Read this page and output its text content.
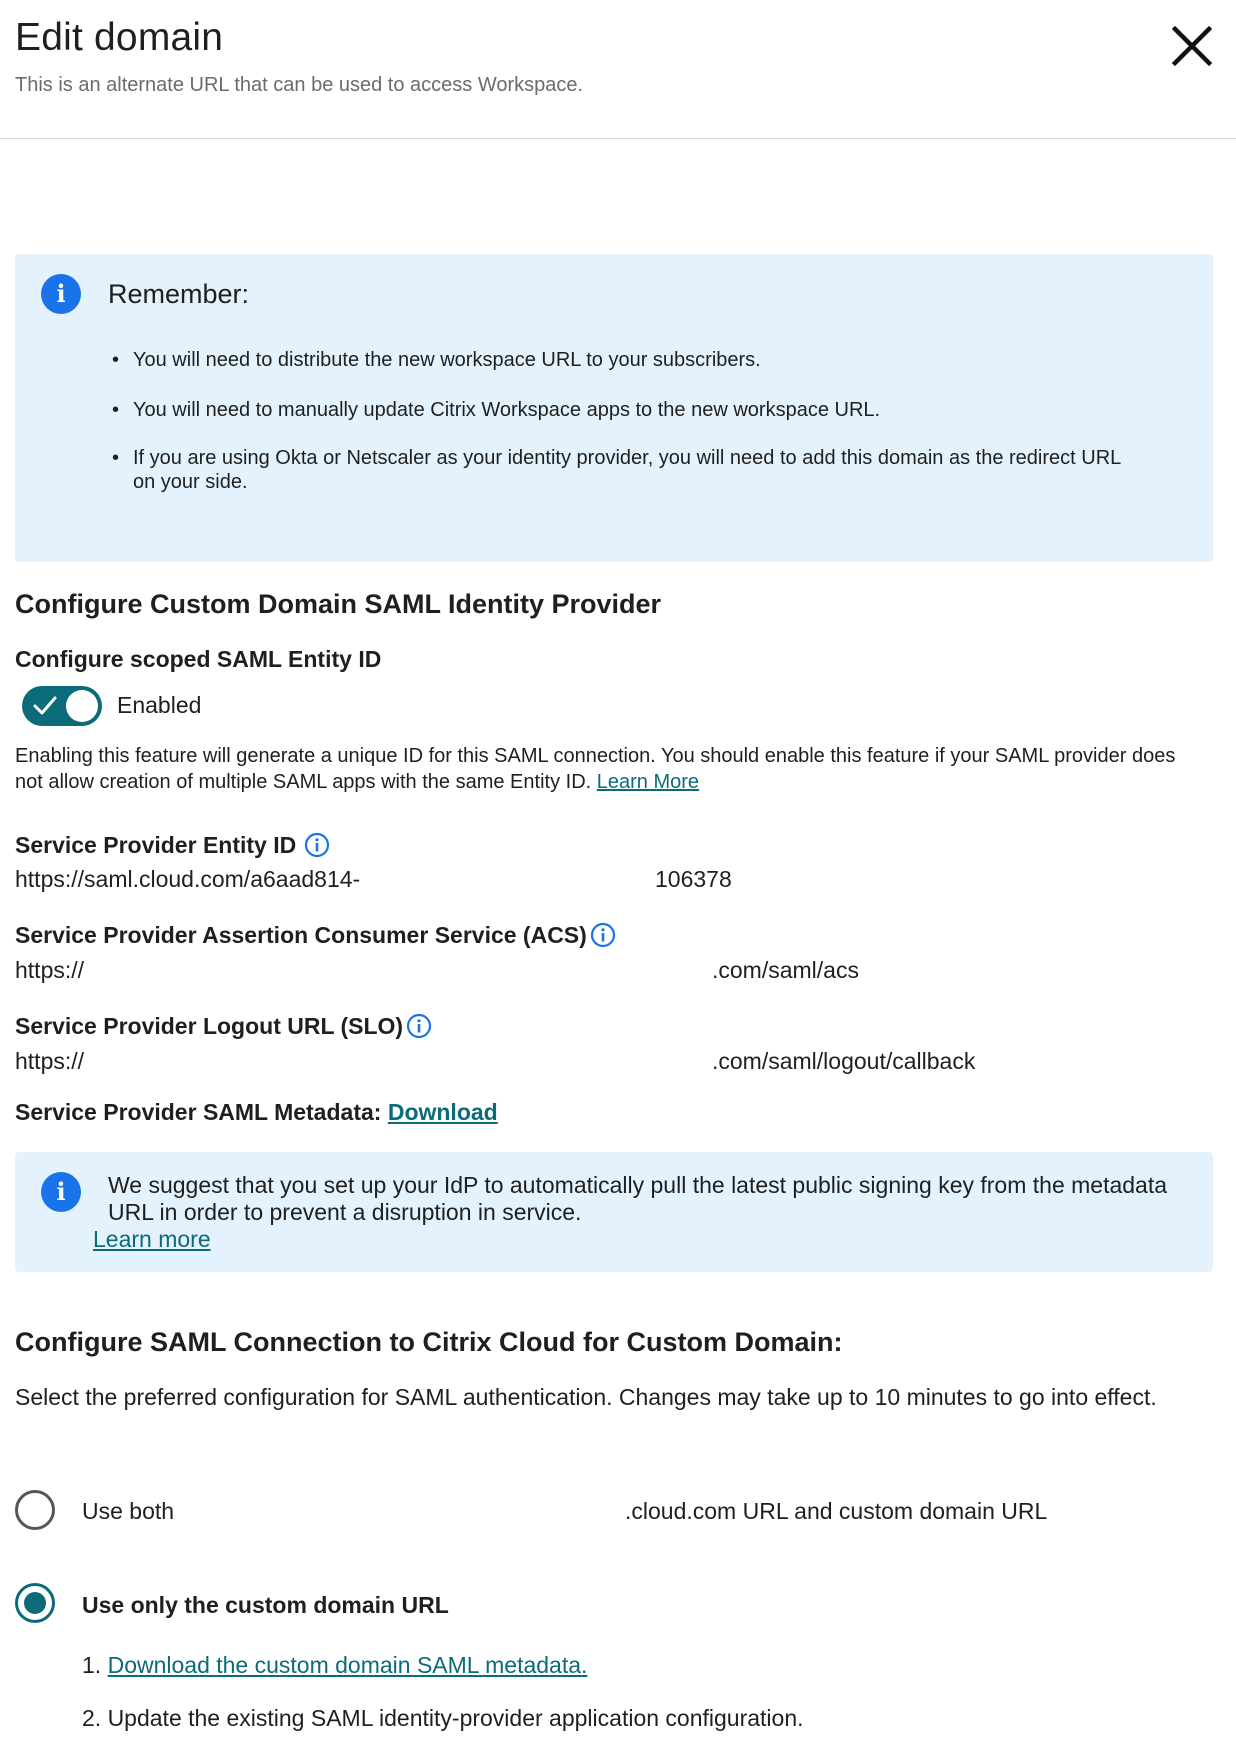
Edit domain
This is an alternate URL that can be used to access Workspace.
i	Remember:
• You will need to distribute the new workspace URL to your subscribers.
• You will need to manually update Citrix Workspace apps to the new workspace URL.
• If you are using Okta or Netscaler as your identity provider, you will need to add this domain as the redirect URL on your side.
Configure Custom Domain SAML Identity Provider
Configure scoped SAML Entity ID
Enabled
Enabling this feature will generate a unique ID for this SAML connection. You should enable this feature if your SAML provider does not allow creation of multiple SAML apps with the same Entity ID. Learn More
Service Provider Entity ID
https://saml.cloud.com/a6aad814-	106378
Service Provider Assertion Consumer Service (ACS)
https://	.com/saml/acs
Service Provider Logout URL (SLO)
https://	.com/saml/logout/callback
Service Provider SAML Metadata: Download
i	We suggest that you set up your IdP to automatically pull the latest public signing key from the metadata URL in order to prevent a disruption in service.
Learn more
Configure SAML Connection to Citrix Cloud for Custom Domain:
Select the preferred configuration for SAML authentication. Changes may take up to 10 minutes to go into effect.
Use both	.cloud.com URL and custom domain URL
Use only the custom domain URL
1. Download the custom domain SAML metadata.
2. Update the existing SAML identity-provider application configuration.
